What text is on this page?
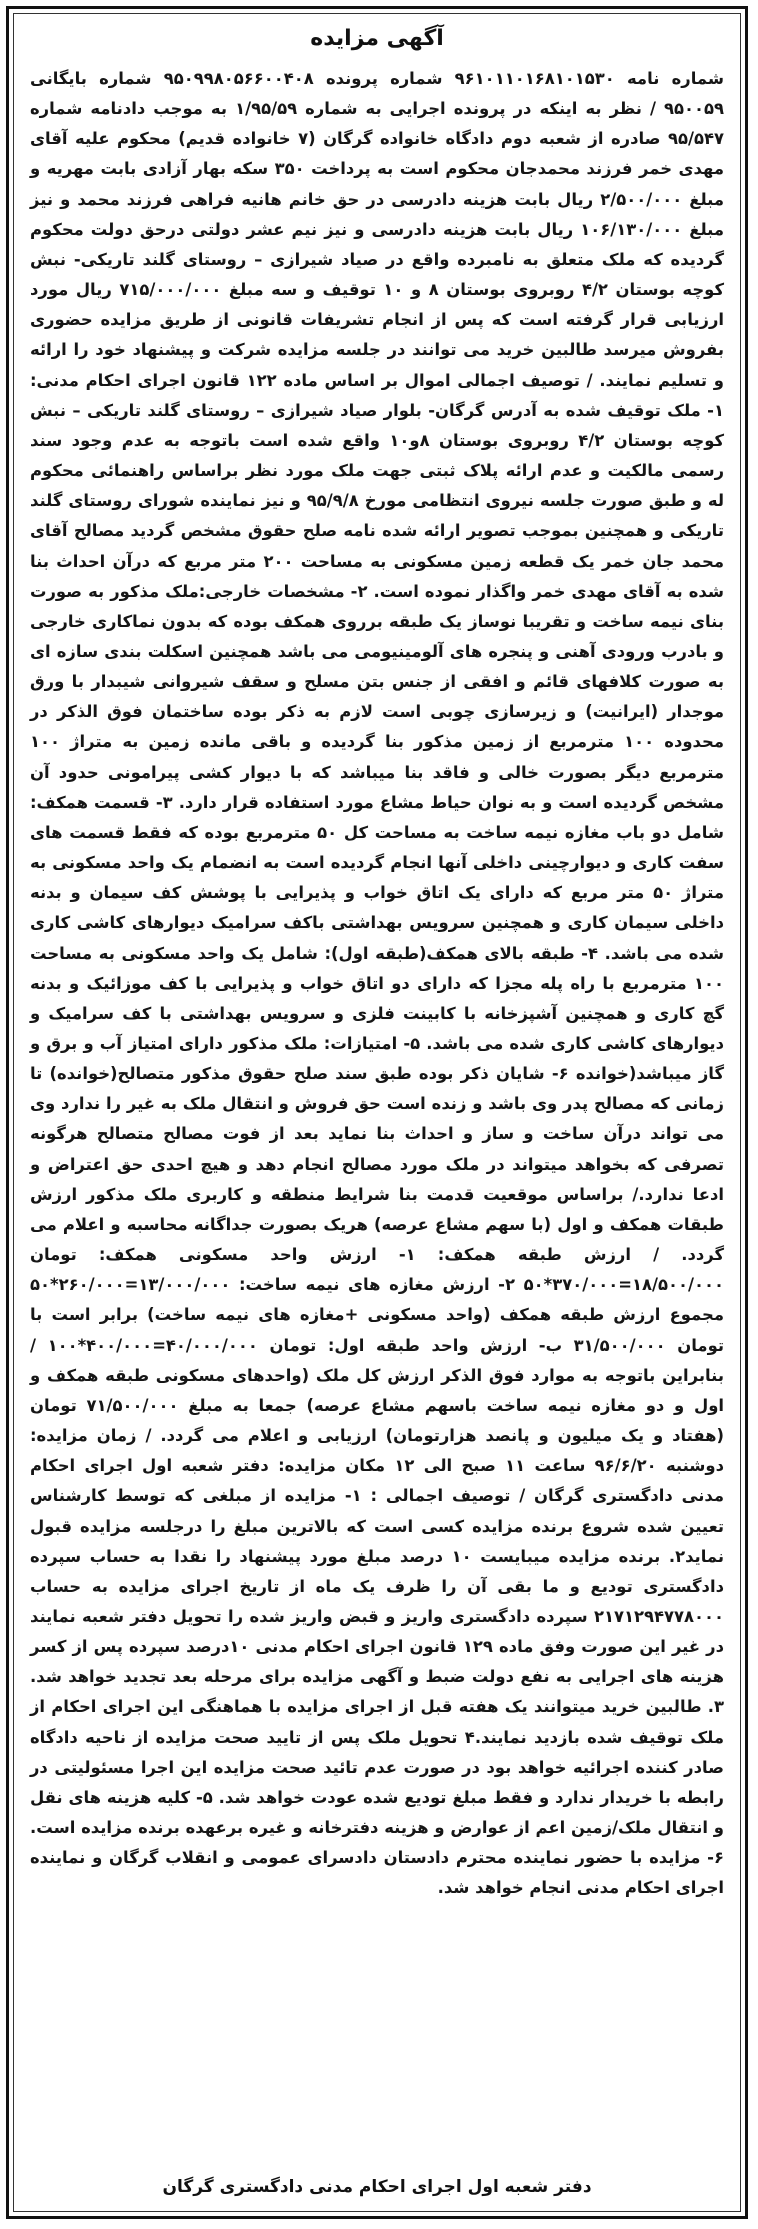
آگهی مزایده

شماره نامه ۹۶۱۰۱۱۰۱۶۸۱۰۱۵۳۰ شماره پرونده ۹۵۰۹۹۸۰۵۶۶۰۰۴۰۸ شماره بایگانی ۹۵۰۰۵۹ / نظر به اینکه در پرونده اجرایی به شماره ۱/۹۵/۵۹ به موجب دادنامه شماره ۹۵/۵۴۷ صادره از شعبه دوم دادگاه خانواده گرگان (۷ خانواده قدیم) محکوم علیه آقای مهدی خمر فرزند محمدجان محکوم است به پرداخت ۳۵۰ سکه بهار آزادی بابت مهریه و مبلغ ۲/۵۰۰/۰۰۰ ریال بابت هزینه دادرسی در حق خانم هانیه فراهی فرزند محمد و نیز مبلغ ۱۰۶/۱۳۰/۰۰۰ ریال بابت هزینه دادرسی و نیز نیم عشر دولتی درحق دولت محکوم گردیده که ملک متعلق به نامبرده واقع در صیاد شیرازی – روستای گلند تاریکی- نبش کوچه بوستان ۴/۲ روبروی بوستان ۸ و ۱۰ توقیف و سه مبلغ ۷۱۵/۰۰۰/۰۰۰ ریال مورد ارزیابی قرار گرفته است که پس از انجام تشریفات قانونی از طریق مزایده حضوری بفروش میرسد طالبین خرید می توانند در جلسه مزایده شرکت و پیشنهاد خود را ارائه و تسلیم نمایند. / توصیف اجمالی اموال بر اساس ماده ۱۲۲ قانون اجرای احکام مدنی: ۱- ملک توقیف شده به آدرس گرگان- بلوار صیاد شیرازی – روستای گلند تاریکی – نبش کوچه بوستان ۴/۲ روبروی بوستان ۸و۱۰ واقع شده است باتوجه به عدم وجود سند رسمی مالکیت و عدم ارائه پلاک ثبتی جهت ملک مورد نظر براساس راهنمائی محکوم له و طبق صورت جلسه نیروی انتظامی مورخ ۹۵/۹/۸ و نیز نماینده شورای روستای گلند تاریکی و همچنین بموجب تصویر ارائه شده نامه صلح حقوق مشخص گردید مصالح آقای محمد جان خمر یک قطعه زمین مسکونی به مساحت ۲۰۰ متر مربع که درآن احداث بنا شده به آقای مهدی خمر واگذار نموده است. ۲- مشخصات خارجی:ملک مذکور به صورت بنای نیمه ساخت و تقریبا نوساز یک طبقه برروی همکف بوده که بدون نماکاری خارجی و بادرب ورودی آهنی و پنجره های آلومینیومی می باشد همچنین اسکلت بندی سازه ای به صورت کلافهای قائم و افقی از جنس بتن مسلح و سقف شیروانی شیبدار با ورق موجدار (ایرانیت) و زیرسازی چوبی است لازم به ذکر بوده ساختمان فوق الذکر در محدوده ۱۰۰ مترمربع از زمین مذکور بنا گردیده و باقی مانده زمین به متراژ ۱۰۰ مترمربع دیگر بصورت خالی و فاقد بنا میباشد که با دیوار کشی پیرامونی حدود آن مشخص گردیده است و به نوان حیاط مشاع مورد استفاده قرار دارد. ۳- قسمت همکف: شامل دو باب مغازه نیمه ساخت به مساحت کل ۵۰ مترمربع بوده که فقط قسمت های سفت کاری و دیوارچینی داخلی آنها انجام گردیده است به انضمام یک واحد مسکونی به متراژ ۵۰ متر مربع که دارای یک اتاق خواب و پذیرایی با پوشش کف سیمان و بدنه داخلی سیمان کاری و همچنین سرویس بهداشتی باکف سرامیک دیوارهای کاشی کاری شده می باشد. ۴- طبقه بالای همکف(طبقه اول): شامل یک واحد مسکونی به مساحت ۱۰۰ مترمربع با راه پله مجزا که دارای دو اتاق خواب و پذیرایی با کف موزائیک و بدنه گچ کاری و همچنین آشپزخانه با کابینت فلزی و سرویس بهداشتی با کف سرامیک و دیوارهای کاشی کاری شده می باشد. ۵- امتیازات: ملک مذکور دارای امتیاز آب و برق و گاز میباشد(خوانده ۶- شایان ذکر بوده طبق سند صلح حقوق مذکور متصالح(خوانده) تا زمانی که مصالح پدر وی باشد و زنده است حق فروش و انتقال ملک به غیر را ندارد وی می تواند درآن ساخت و ساز و احداث بنا نماید بعد از فوت مصالح متصالح هرگونه تصرفی که بخواهد میتواند در ملک مورد مصالح انجام دهد و هیچ احدی حق اعتراض و ادعا ندارد./ براساس موقعیت قدمت بنا شرایط منطقه و کاربری ملک مذکور ارزش طبقات همکف و اول (با سهم مشاع عرصه) هریک بصورت جداگانه محاسبه و اعلام می گردد. / ارزش طبقه همکف: ۱- ارزش واحد مسکونی همکف: تومان ۱۸/۵۰۰/۰۰۰=۳۷۰/۰۰۰*۵۰ ۲- ارزش مغازه های نیمه ساخت: ۱۳/۰۰۰/۰۰۰=۲۶۰/۰۰۰*۵۰ مجموع ارزش طبقه همکف (واحد مسکونی +مغازه های نیمه ساخت) برابر است با تومان ۳۱/۵۰۰/۰۰۰ ب- ارزش واحد طبقه اول: تومان ۴۰/۰۰۰/۰۰۰=۴۰۰/۰۰۰*۱۰۰ / بنابراین باتوجه به موارد فوق الذکر ارزش کل ملک (واحدهای مسکونی طبقه همکف و اول و دو مغازه نیمه ساخت باسهم مشاع عرصه) جمعا به مبلغ ۷۱/۵۰۰/۰۰۰ تومان (هفتاد و یک میلیون و پانصد هزارتومان) ارزیابی و اعلام می گردد. / زمان مزایده: دوشنبه ۹۶/۶/۲۰ ساعت ۱۱ صبح الی ۱۲ مکان مزایده: دفتر شعبه اول اجرای احکام مدنی دادگستری گرگان / توصیف اجمالی : ۱- مزایده از مبلغی که توسط کارشناس تعیین شده شروع برنده مزایده کسی است که بالاترین مبلغ را درجلسه مزایده قبول نماید۲. برنده مزایده میبایست ۱۰ درصد مبلغ مورد پیشنهاد را نقدا به حساب سپرده دادگستری تودیع و ما بقی آن را ظرف یک ماه از تاریخ اجرای مزایده به حساب ۲۱۷۱۲۹۴۷۷۸۰۰۰ سپرده دادگستری واریز و قبض واریز شده را تحویل دفتر شعبه نمایند در غیر این صورت وفق ماده ۱۲۹ قانون اجرای احکام مدنی ۱۰درصد سپرده پس از کسر هزینه های اجرایی به نفع دولت ضبط و آگهی مزایده برای مرحله بعد تجدید خواهد شد. ۳. طالبین خرید میتوانند یک هفته قبل از اجرای مزایده با هماهنگی این اجرای احکام از ملک توقیف شده بازدید نمایند.۴ تحویل ملک پس از تایید صحت مزایده از ناحیه دادگاه صادر کننده اجرائیه خواهد بود در صورت عدم تائید صحت مزایده این اجرا مسئولیتی در رابطه با خریدار ندارد و فقط مبلغ تودیع شده عودت خواهد شد. ۵- کلیه هزینه های نقل و انتقال ملک/زمین اعم از عوارض و هزینه دفترخانه و غیره برعهده برنده مزایده است. ۶- مزایده با حضور نماینده محترم دادستان دادسرای عمومی و انقلاب گرگان و نماینده اجرای احکام مدنی انجام خواهد شد.

دفتر شعبه اول اجرای احکام مدنی دادگستری گرگان
